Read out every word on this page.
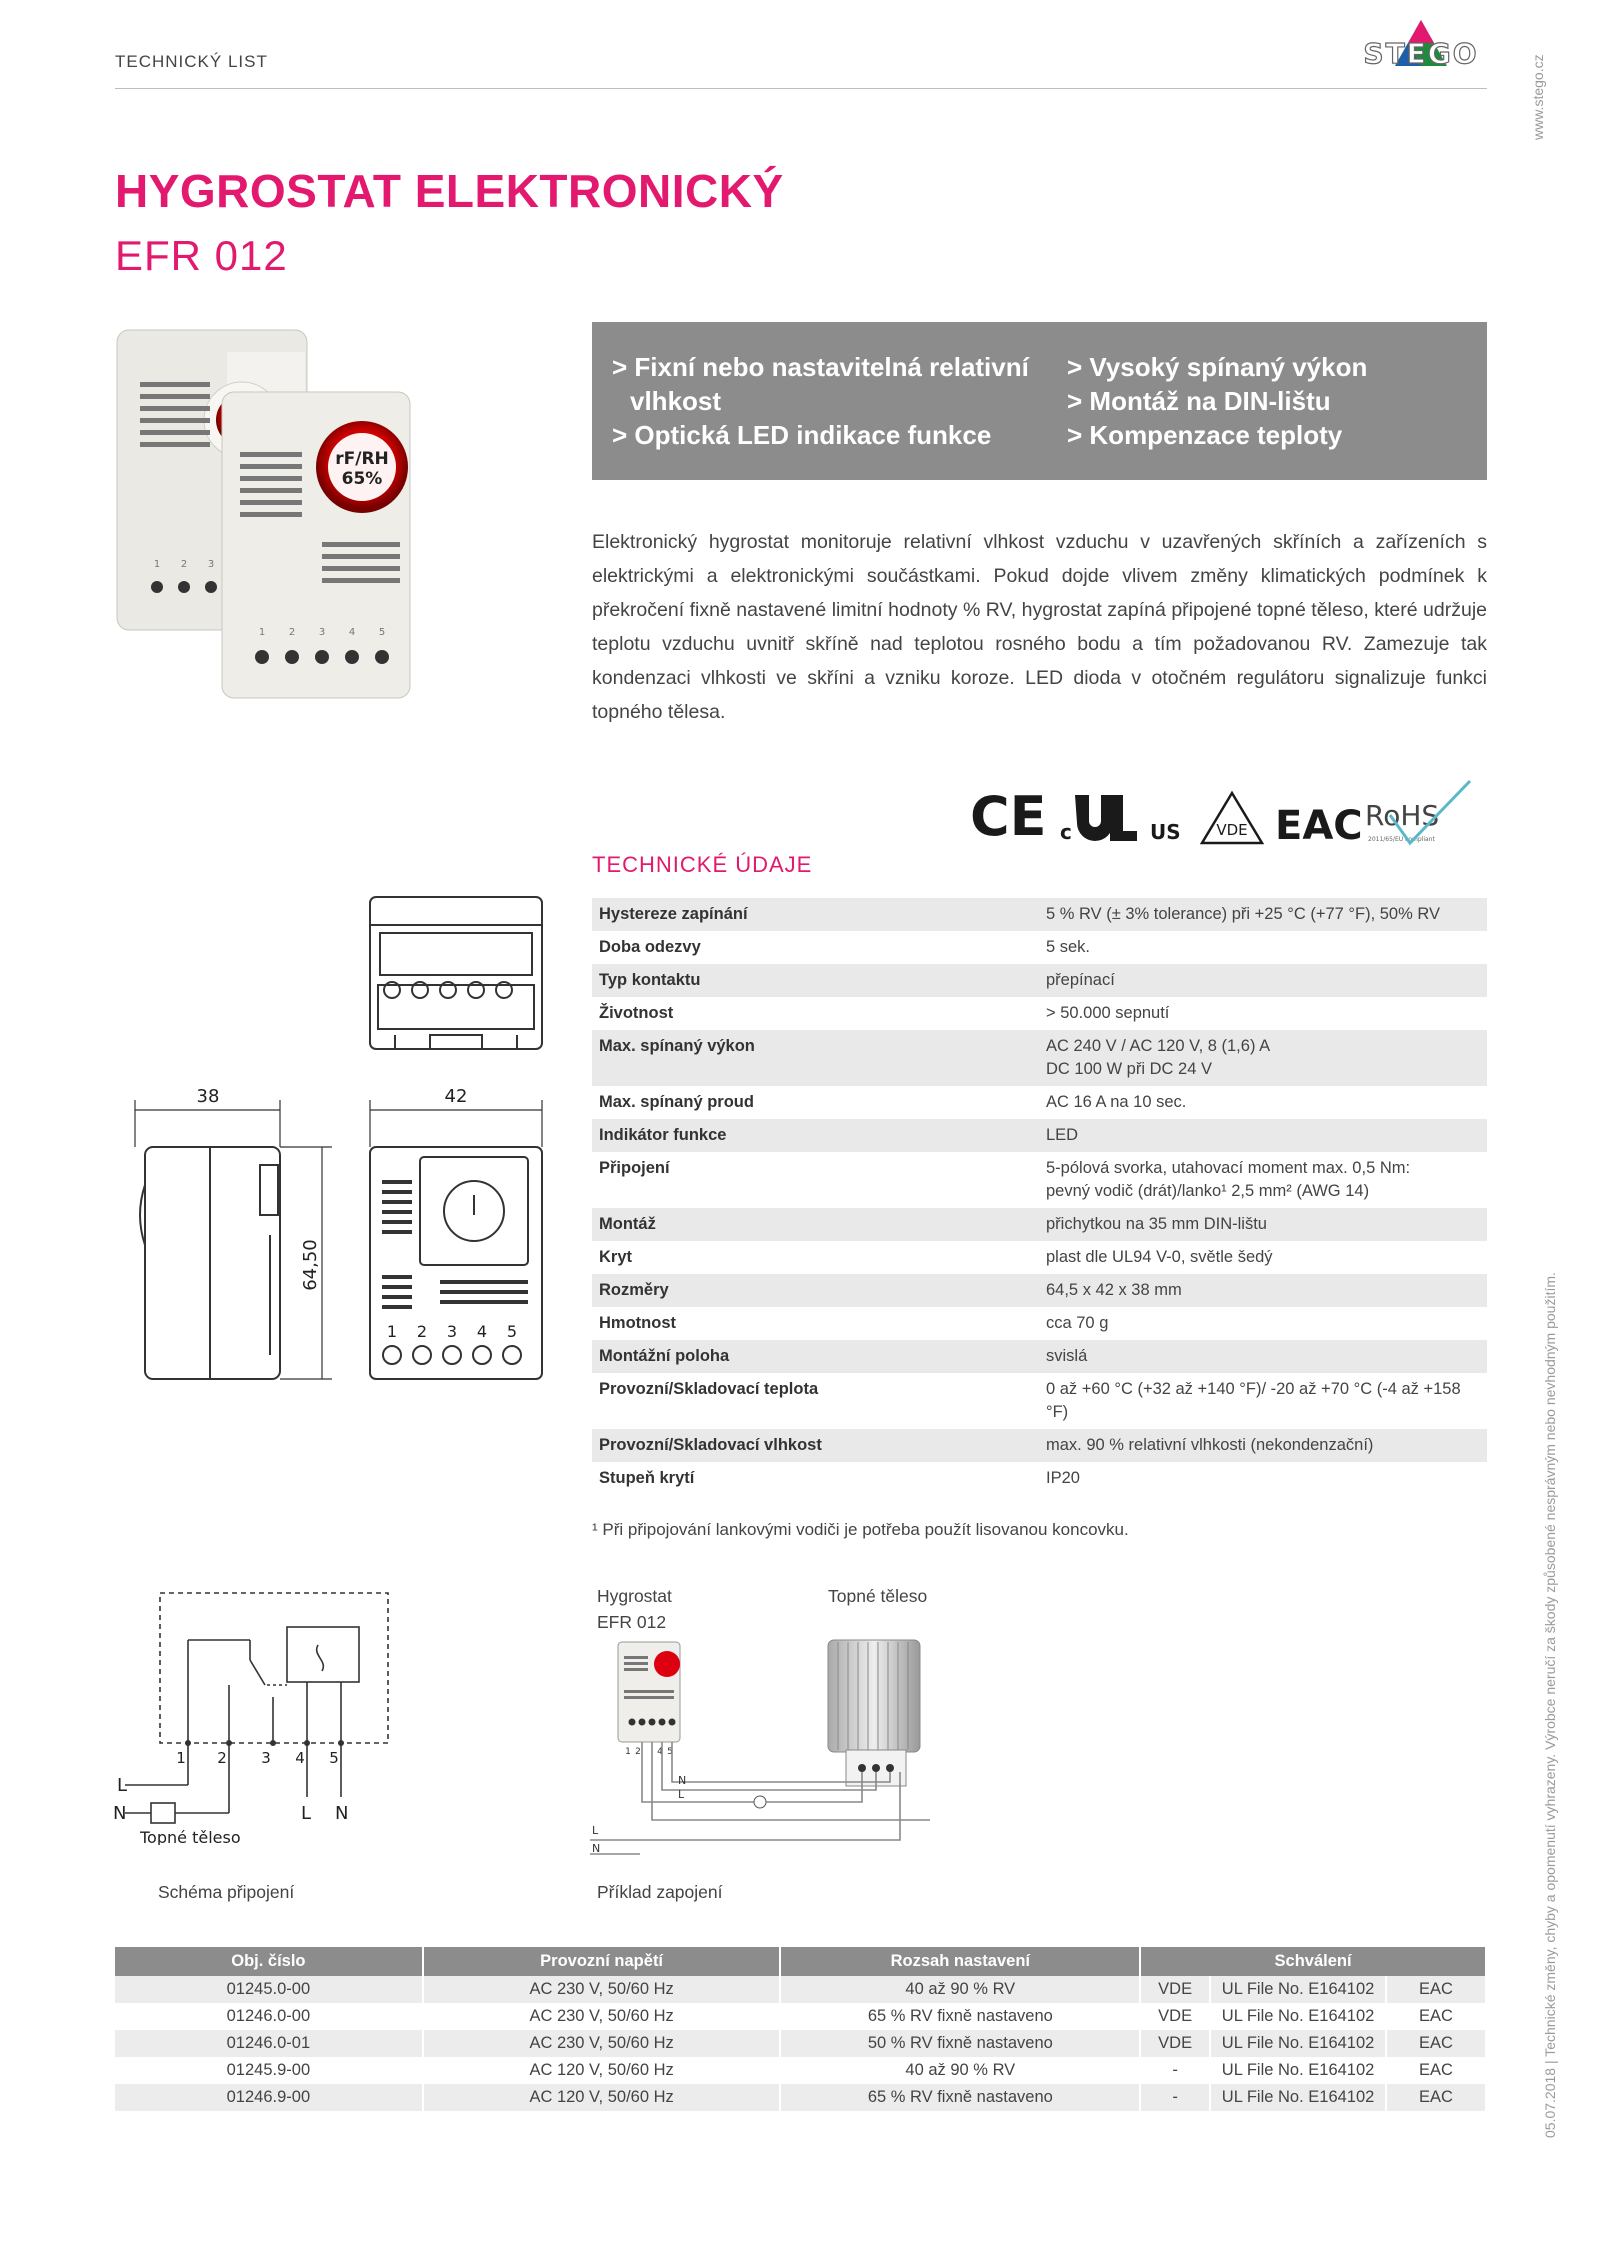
TECHNICKÝ LIST	STEGO
www.stego.cz
05.07.2018 | Technické změny, chyby a opomenutí vyhrazeny. Výrobce neručí za škody způsobené nesprávným nebo nevhodným použitím.
HYGROSTAT ELEKTRONICKÝ
EFR 012
1 2 3
rF/RH
65%
1 2 3 4 5
> Fixní nebo nastavitelná relativní
vlhkost
> Optická LED indikace funkce
> Vysoký spínaný výkon
> Montáž na DIN-lištu
> Kompenzace teploty
Elektronický hygrostat monitoruje relativní vlhkost vzduchu v uzavřených skříních a zařízeních s elektrickými a elektronickými součástkami. Pokud dojde vlivem změny klimatických podmínek k překročení fixně nastavené limitní hodnoty % RV, hygrostat zapíná připojené topné těleso, které udržuje teplotu vzduchu uvnitř skříně nad teplotou rosného bodu a tím požadovanou RV. Zamezuje tak kondenzaci vlhkosti ve skříni a vzniku koroze. LED dioda v otočném regulátoru signalizuje funkci topného tělesa.
CE c	US VDE EAC RoHS
2011/65/EU compliant
TECHNICKÉ ÚDAJE
Hystereze zapínání	5 % RV (± 3% tolerance) při +25 °C (+77 °F), 50% RV
Doba odezvy	5 sek.
Typ kontaktu	přepínací
Životnost	> 50.000 sepnutí
Max. spínaný výkon	AC 240 V / AC 120 V, 8 (1,6) A
DC 100 W při DC 24 V

Max. spínaný proud	AC 16 A na 10 sec.
Indikátor funkce	LED
Připojení	5-pólová svorka, utahovací moment max. 0,5 Nm:
pevný vodič (drát)/lanko¹ 2,5 mm² (AWG 14)

Montáž	přichytkou na 35 mm DIN-lištu
Kryt	plast dle UL94 V-0, světle šedý
Rozměry	64,5 x 42 x 38 mm
Hmotnost	cca 70 g
Montážní poloha	svislá
Provozní/Skladovací teplota	0 až +60 °C (+32 až +140 °F)/ -20 až +70 °C (-4 až +158 °F)
Provozní/Skladovací vlhkost	max. 90 % relativní vlhkosti (nekondenzační)
Stupeň krytí	IP20
¹ Při připojování lankovými vodiči je potřeba použít lisovanou koncovku.
1 2 3 4 5
38	42
64,50
1 2 3 4 5
L
N	L N
Topné těleso
Schéma připojení
Hygrostat
EFR 012
Topné těleso
1 2 4 5
N
L
L
N
Příklad zapojení
Obj. číslo	Provozní napětí	Rozsah nastavení	Schválení		
01245.0-00	AC 230 V, 50/60 Hz	40 až 90 % RV	VDE	UL File No. E164102	EAC
01246.0-00	AC 230 V, 50/60 Hz	65 % RV fixně nastaveno	VDE	UL File No. E164102	EAC
01246.0-01	AC 230 V, 50/60 Hz	50 % RV fixně nastaveno	VDE	UL File No. E164102	EAC
01245.9-00	AC 120 V, 50/60 Hz	40 až 90 % RV	-	UL File No. E164102	EAC
01246.9-00	AC 120 V, 50/60 Hz	65 % RV fixně nastaveno	-	UL File No. E164102	EAC
